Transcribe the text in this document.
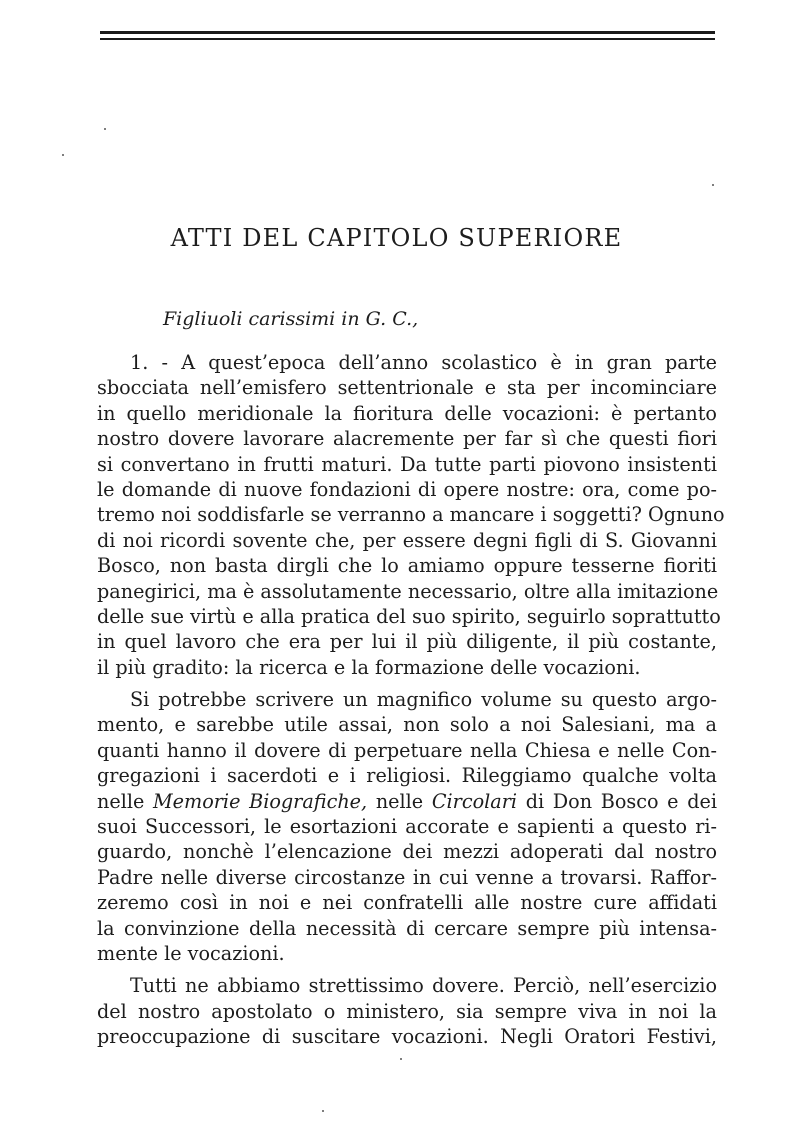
ATTI DEL CAPITOLO SUPERIORE
Figliuoli carissimi in G. C.,
1. - A quest’epoca dell’anno scolastico è in gran parte
sbocciata nell’emisfero settentrionale e sta per incominciare
in quello meridionale la fioritura delle vocazioni: è pertanto
nostro dovere lavorare alacremente per far sì che questi fiori
si convertano in frutti maturi. Da tutte parti piovono insistenti
le domande di nuove fondazioni di opere nostre: ora, come po-
tremo noi soddisfarle se verranno a mancare i soggetti? Ognuno
di noi ricordi sovente che, per essere degni figli di S. Giovanni
Bosco, non basta dirgli che lo amiamo oppure tesserne fioriti
panegirici, ma è assolutamente necessario, oltre alla imitazione
delle sue virtù e alla pratica del suo spirito, seguirlo soprattutto
in quel lavoro che era per lui il più diligente, il più costante,
il più gradito: la ricerca e la formazione delle vocazioni.
Si potrebbe scrivere un magnifico volume su questo argo-
mento, e sarebbe utile assai, non solo a noi Salesiani, ma a
quanti hanno il dovere di perpetuare nella Chiesa e nelle Con-
gregazioni i sacerdoti e i religiosi. Rileggiamo qualche volta
nelle Memorie Biografiche, nelle Circolari di Don Bosco e dei
suoi Successori, le esortazioni accorate e sapienti a questo ri-
guardo, nonchè l’elencazione dei mezzi adoperati dal nostro
Padre nelle diverse circostanze in cui venne a trovarsi. Raffor-
zeremo così in noi e nei confratelli alle nostre cure affidati
la convinzione della necessità di cercare sempre più intensa-
mente le vocazioni.
Tutti ne abbiamo strettissimo dovere. Perciò, nell’esercizio
del nostro apostolato o ministero, sia sempre viva in noi la
preoccupazione di suscitare vocazioni. Negli Oratori Festivi,
